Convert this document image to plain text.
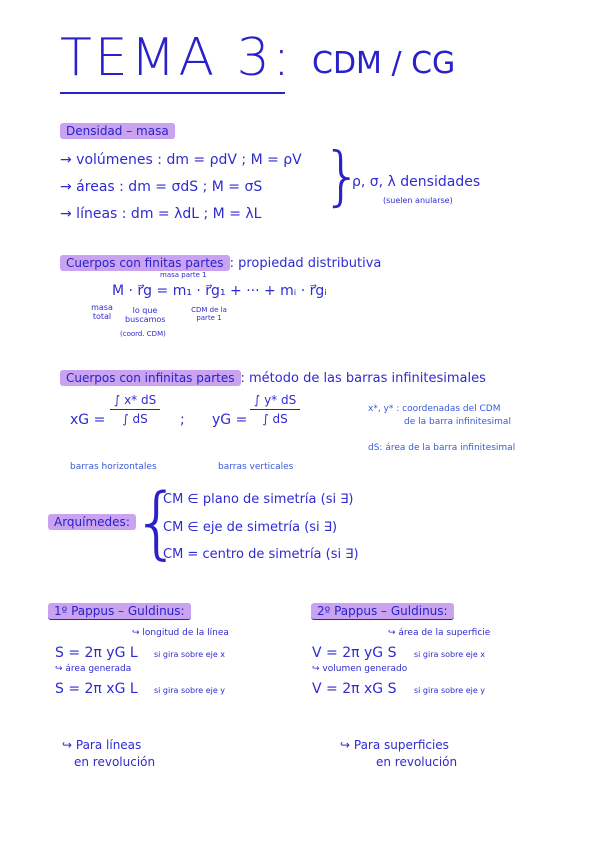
TEMA 3: CDM / CG
Densidad – masa
→ volúmenes : dm = ρdV ; M = ρV
→ áreas : dm = σdS ; M = σS
→ líneas : dm = λdL ; M = λL }
ρ, σ, λ densidades
(suelen anularse)
Cuerpos con finitas partes : propiedad distributiva
masa parte 1
M · r⃗g = m₁ · r⃗g₁ + ··· + mᵢ · r⃗gᵢ
masa total
lo que buscamos
(coord. CDM)
CDM de la parte 1
Cuerpos con infinitas partes : método de las barras infinitesimales
xG = $\frac{\int x* dS}{\int dS}$ ; yG = $\frac{\int y* dS}{\int dS}$	x*, y* : coordenadas del CDM
de la barra infinitesimal
dS: área de la barra infinitesimal
barras horizontales	barras verticales
Arquímedes: {
CM ∈ plano de simetría (si ∃)
CM ∈ eje de simetría (si ∃)
CM = centro de simetría (si ∃)
1º Pappus – Guldinus:
↪ longitud de la línea
S = 2π yG L si gira sobre eje x
↪ área generada
S = 2π xG L si gira sobre eje y
↪ Para líneas
en revolución
2º Pappus – Guldinus:
↪ área de la superficie
V = 2π yG S si gira sobre eje x
↪ volumen generado
V = 2π xG S si gira sobre eje y
↪ Para superficies
en revolución
